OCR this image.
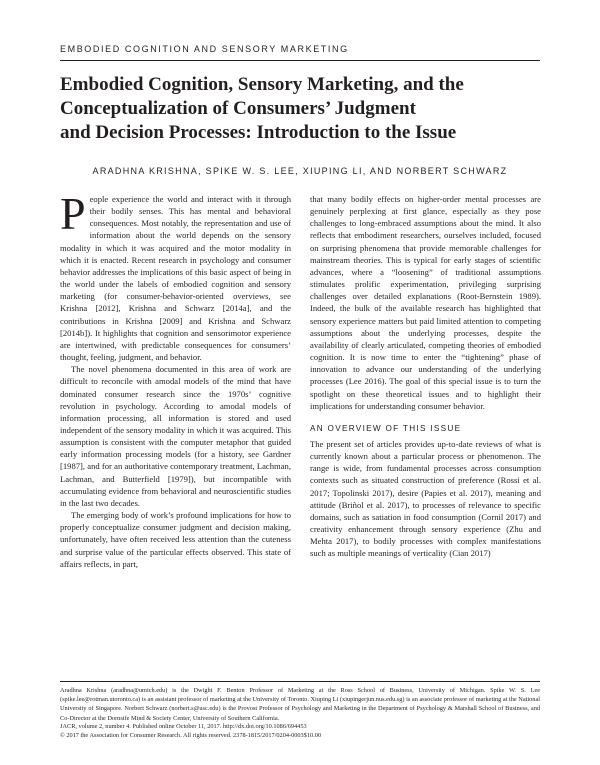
EMBODIED COGNITION AND SENSORY MARKETING
Embodied Cognition, Sensory Marketing, and the
Conceptualization of Consumers’ Judgment
and Decision Processes: Introduction to the Issue
ARADHNA KRISHNA, SPIKE W. S. LEE, XIUPING LI, AND NORBERT SCHWARZ

People experience the world and interact with it through their bodily senses. This has mental and behavioral consequences. Most notably, the representation and use of information about the world depends on the sensory modality in which it was acquired and the motor modality in which it is enacted. Recent research in psychology and consumer behavior addresses the implications of this basic aspect of being in the world under the labels of embodied cognition and sensory marketing (for consumer-behavior-oriented overviews, see Krishna [2012], Krishna and Schwarz [2014a], and the contributions in Krishna [2009] and Krishna and Schwarz [2014b]). It highlights that cognition and sensorimotor experience are intertwined, with predictable consequences for consumers’ thought, feeling, judgment, and behavior.

The novel phenomena documented in this area of work are difficult to reconcile with amodal models of the mind that have dominated consumer research since the 1970s’ cognitive revolution in psychology. According to amodal models of information processing, all information is stored and used independent of the sensory modality in which it was acquired. This assumption is consistent with the computer metaphor that guided early information processing models (for a history, see Gardner [1987], and for an authoritative contemporary treatment, Lachman, Lachman, and Butterfield [1979]), but incompatible with accumulating evidence from behavioral and neuroscientific studies in the last two decades.

The emerging body of work’s profound implications for how to properly conceptualize consumer judgment and decision making, unfortunately, have often received less attention than the cuteness and surprise value of the particular effects observed. This state of affairs reflects, in part,

that many bodily effects on higher-order mental processes are genuinely perplexing at first glance, especially as they pose challenges to long-embraced assumptions about the mind. It also reflects that embodiment researchers, ourselves included, focused on surprising phenomena that provide memorable challenges for mainstream theories. This is typical for early stages of scientific advances, where a “loosening” of traditional assumptions stimulates prolific experimentation, privileging surprising challenges over detailed explanations (Root-Bernstein 1989). Indeed, the bulk of the available research has highlighted that sensory experience matters but paid limited attention to competing assumptions about the underlying processes, despite the availability of clearly articulated, competing theories of embodied cognition. It is now time to enter the “tightening” phase of innovation to advance our understanding of the underlying processes (Lee 2016). The goal of this special issue is to turn the spotlight on these theoretical issues and to highlight their implications for understanding consumer behavior.

AN OVERVIEW OF THIS ISSUE

The present set of articles provides up-to-date reviews of what is currently known about a particular process or phenomenon. The range is wide, from fundamental processes across consumption contexts such as situated construction of preference (Rossi et al. 2017; Topolinski 2017), desire (Papies et al. 2017), meaning and attitude (Briñol et al. 2017), to processes of relevance to specific domains, such as satiation in food consumption (Cornil 2017) and creativity enhancement through sensory experience (Zhu and Mehta 2017), to bodily processes with complex manifestations such as multiple meanings of verticality (Cian 2017)

Aradhna Krishna (aradhna@umich.edu) is the Dwight F. Benton Professor of Marketing at the Ross School of Business, University of Michigan. Spike W. S. Lee (spike.lee@rotman.utoronto.ca) is an assistant professor of marketing at the University of Toronto. Xiuping Li (xiupingerjun.nus.edu.sg) is an associate professor of marketing at the National University of Singapore. Norbert Schwarz (norbert.s@usc.edu) is the Provost Professor of Psychology and Marketing in the Department of Psychology & Marshall School of Business, and Co-Director at the Dornsife Mind & Society Center, University of Southern California.

JACR, volume 2, number 4. Published online October 11, 2017. http://dx.doi.org/10.1086/694453

© 2017 the Association for Consumer Research. All rights reserved. 2378-1815/2017/0204-0003$10.00
